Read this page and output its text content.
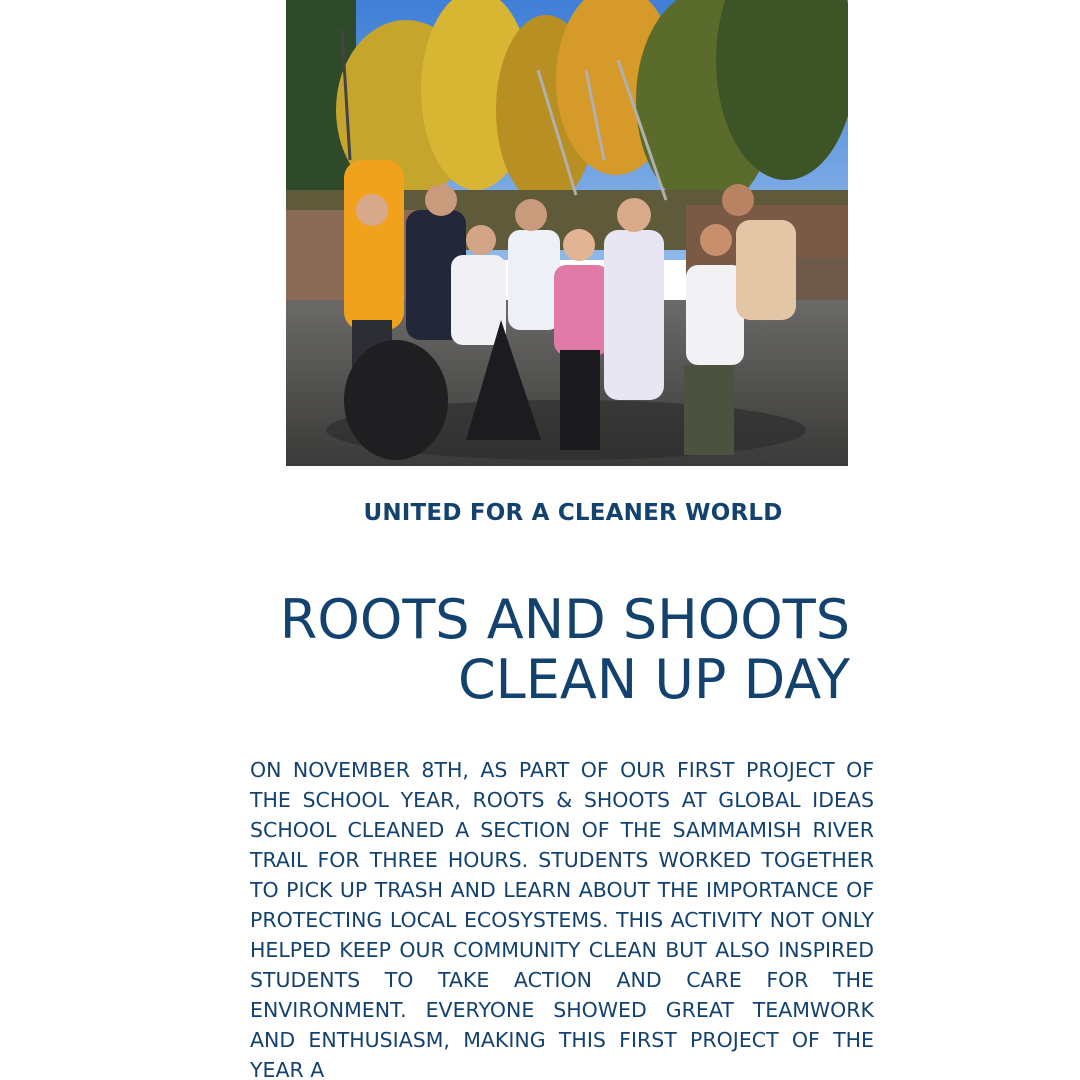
UNITED FOR A CLEANER WORLD
ROOTS AND SHOOTS
CLEAN UP DAY

ON NOVEMBER 8TH, AS PART OF OUR FIRST PROJECT OF THE SCHOOL YEAR, ROOTS & SHOOTS AT GLOBAL IDEAS SCHOOL CLEANED A SECTION OF THE SAMMAMISH RIVER TRAIL FOR THREE HOURS. STUDENTS WORKED TOGETHER TO PICK UP TRASH AND LEARN ABOUT THE IMPORTANCE OF PROTECTING LOCAL ECOSYSTEMS. THIS ACTIVITY NOT ONLY HELPED KEEP OUR COMMUNITY CLEAN BUT ALSO INSPIRED STUDENTS TO TAKE ACTION AND CARE FOR THE ENVIRONMENT. EVERYONE SHOWED GREAT TEAMWORK AND ENTHUSIASM, MAKING THIS FIRST PROJECT OF THE YEAR A
